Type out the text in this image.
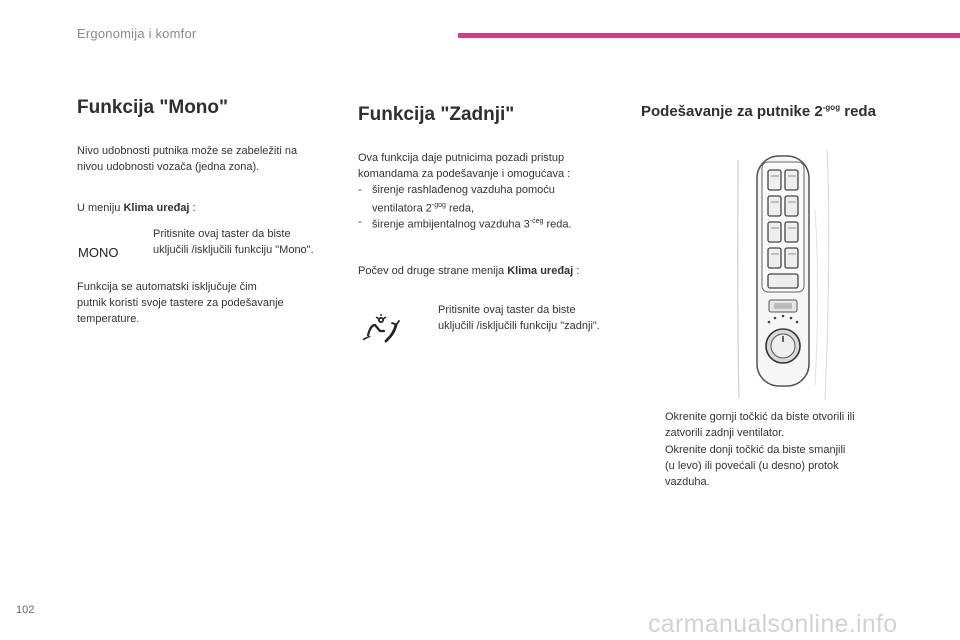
Ergonomija i komfor
Funkcija "Mono"
Nivo udobnosti putnika može se zabeležiti na
nivou udobnosti vozača (jedna zona).
U meniju Klima uređaj :
MONO
Pritisnite ovaj taster da biste
uključili /isključili funkciju "Mono".
Funkcija se automatski isključuje čim
putnik koristi svoje tastere za podešavanje
temperature.
Funkcija "Zadnji"
Ova funkcija daje putnicima pozadi pristup
komandama za podešavanje i omogućava :
- širenje rashlađenog vazduha pomoću
ventilatora $2^{-gog}$ reda,
- širenje ambijentalnog vazduha $3^{-ćeg}$ reda.
Počev od druge strane menija Klima uređaj :
Pritisnite ovaj taster da biste
uključili /isključili funkciju "zadnji".
Podešavanje za putnike $2^{-gog}$ reda
Okrenite gornji točkić da biste otvorili ili
zatvorili zadnji ventilator.
Okrenite donji točkić da biste smanjili
(u levo) ili povećali (u desno) protok
vazduha.
102	carmanualsonline.info
